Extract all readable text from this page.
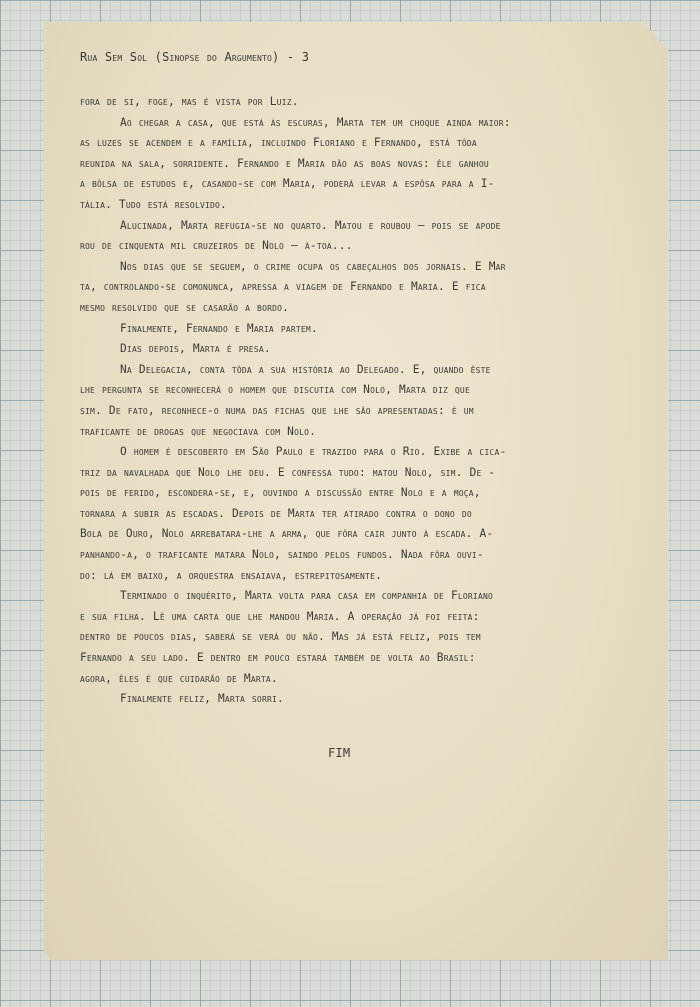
Rua Sem Sol (Sinopse do Argumento) - 3
fora de si, foge, mas é vista por Luiz.
Ao chegar a casa, que está às escuras, Marta tem um choque ainda maior:
as luzes se acendem e a família, incluindo Floriano e Fernando, está tôda
reunida na sala, sorridente. Fernando e Maria dão as boas novas: êle ganhou
a bôlsa de estudos e, casando-se com Maria, poderá levar a espôsa para a I-
tália. Tudo está resolvido.
Alucinada, Marta refugia-se no quarto. Matou e roubou — pois se apode
rou de cinquenta mil cruzeiros de Nolo — à-toa...
Nos dias que se seguem, o crime ocupa os cabeçalhos dos jornais. E Mar
ta, controlando-se comonunca, apressa a viagem de Fernando e Maria. E fica
mesmo resolvido que se casarão a bordo.
Finalmente, Fernando e Maria partem.
Dias depois, Marta é presa.
Na Delegacia, conta tôda a sua história ao Delegado. E, quando êste
lhe pergunta se reconhecerá o homem que discutia com Nolo, Marta diz que
sim. De fato, reconhece-o numa das fichas que lhe são apresentadas: é um
traficante de drogas que negociava com Nolo.
O homem é descoberto em São Paulo e trazido para o Rio. Exibe a cica-
triz da navalhada que Nolo lhe deu. E confessa tudo: matou Nolo, sim. De -
pois de ferido, escondera-se, e, ouvindo a discussão entre Nolo e a moça,
tornara a subir as escadas. Depois de Marta ter atirado contra o dono do
Bola de Ouro, Nolo arrebatara-lhe a arma, que fôra cair junto à escada. A-
panhando-a, o traficante matara Nolo, saindo pelos fundos. Nada fôra ouvi-
do: lá em baixo, a orquestra ensaiava, estrepitosamente.
Terminado o inquérito, Marta volta para casa em companhia de Floriano
e sua filha. Lê uma carta que lhe mandou Maria. A operação já foi feita:
dentro de poucos dias, saberá se verá ou não. Mas já está feliz, pois tem
Fernando a seu lado. E dentro em pouco estará também de volta ao Brasil:
agora, êles é que cuidarão de Marta.
Finalmente feliz, Marta sorri.
FIM
